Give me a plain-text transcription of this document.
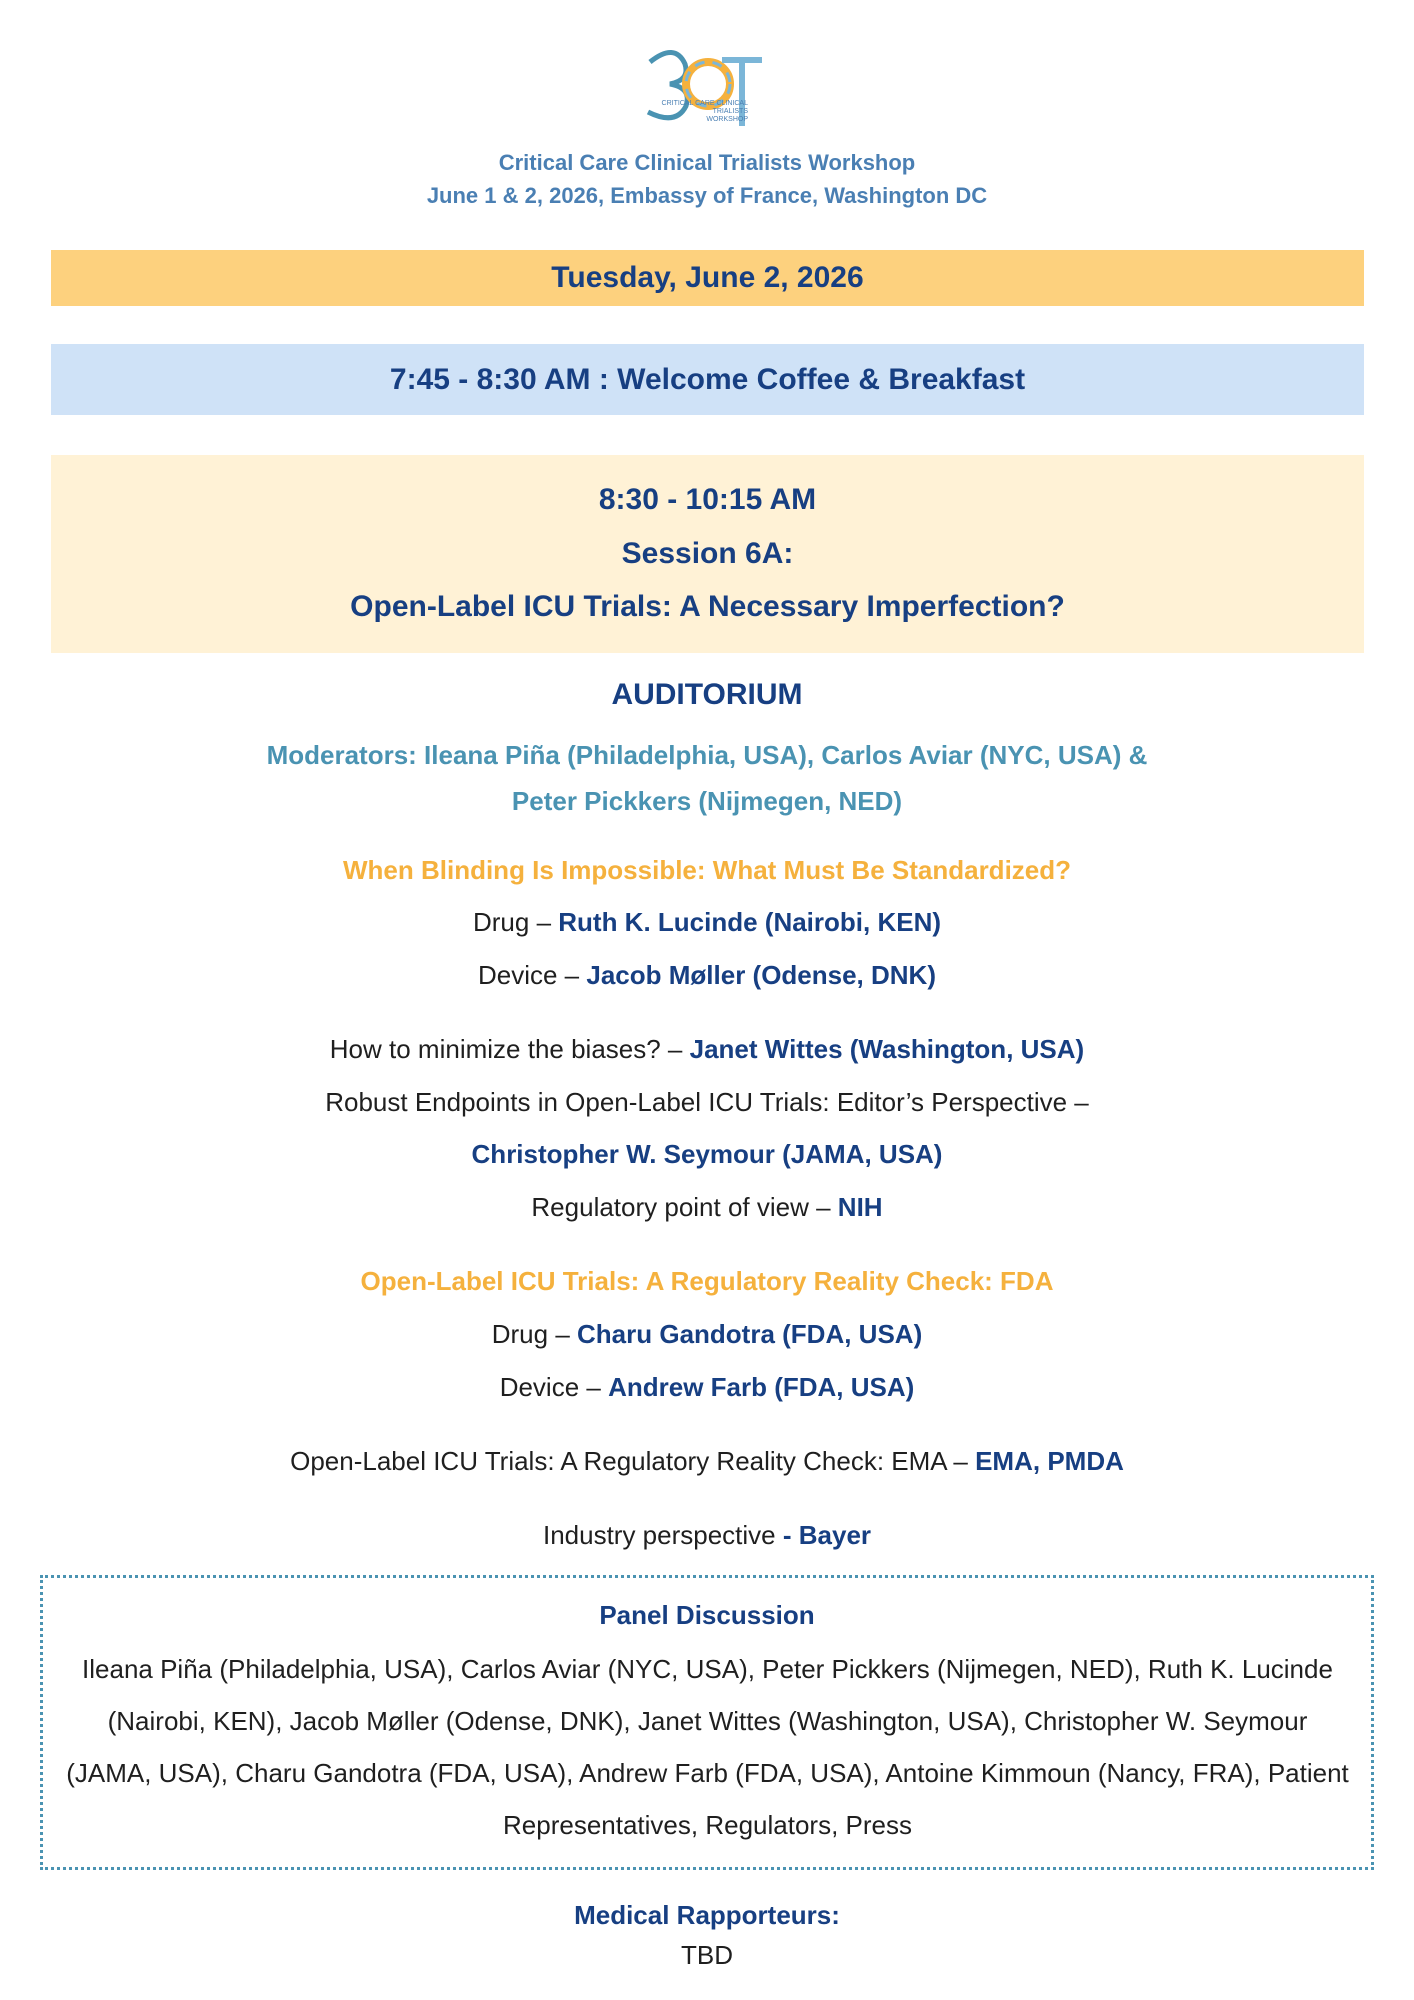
CRITICAL CARE CLINICAL
TRIALISTS
WORKSHOP
Critical Care Clinical Trialists Workshop
June 1 & 2, 2026, Embassy of France, Washington DC
Tuesday, June 2, 2026
7:45 - 8:30 AM : Welcome Coffee & Breakfast
8:30 - 10:15 AM
Session 6A:
Open-Label ICU Trials: A Necessary Imperfection?
AUDITORIUM
Moderators: Ileana Piña (Philadelphia, USA), Carlos Aviar (NYC, USA) &
Peter Pickkers (Nijmegen, NED)
When Blinding Is Impossible: What Must Be Standardized?
Drug – Ruth K. Lucinde (Nairobi, KEN)
Device – Jacob Møller (Odense, DNK)
How to minimize the biases? – Janet Wittes (Washington, USA)
Robust Endpoints in Open-Label ICU Trials: Editor’s Perspective –
Christopher W. Seymour (JAMA, USA)
Regulatory point of view – NIH
Open-Label ICU Trials: A Regulatory Reality Check: FDA
Drug – Charu Gandotra (FDA, USA)
Device – Andrew Farb (FDA, USA)
Open-Label ICU Trials: A Regulatory Reality Check: EMA – EMA, PMDA
Industry perspective - Bayer
Panel Discussion
Ileana Piña (Philadelphia, USA), Carlos Aviar (NYC, USA), Peter Pickkers (Nijmegen, NED), Ruth K. Lucinde (Nairobi, KEN), Jacob Møller (Odense, DNK), Janet Wittes (Washington, USA), Christopher W. Seymour (JAMA, USA), Charu Gandotra (FDA, USA), Andrew Farb (FDA, USA), Antoine Kimmoun (Nancy, FRA), Patient Representatives, Regulators, Press
Medical Rapporteurs:
TBD
